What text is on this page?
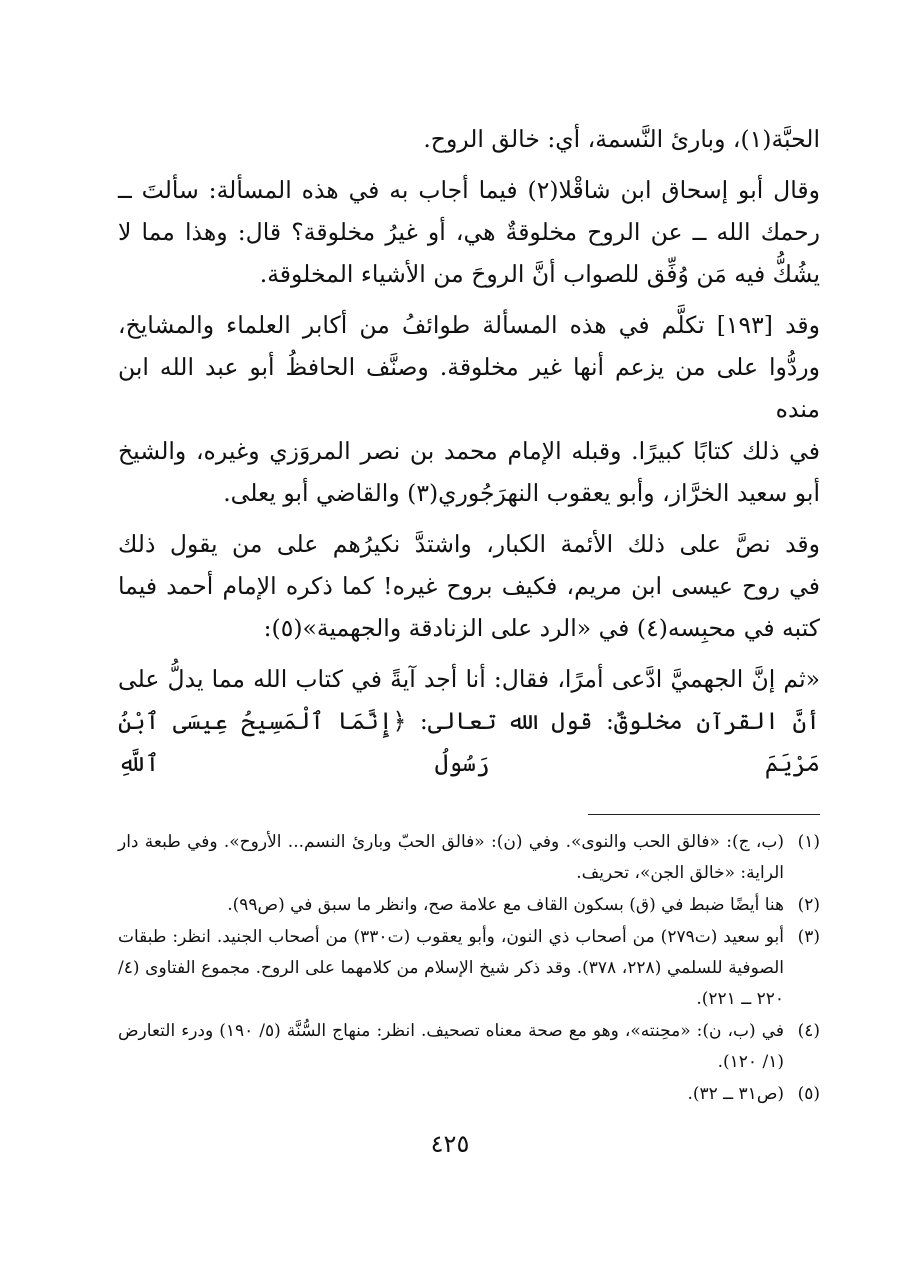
الحبَّة(١)، وبارئ النَّسمة، أي: خالق الروح.

وقال أبو إسحاق ابن شاقْلا(٢) فيما أجاب به في هذه المسألة: سألتَ ــ
رحمك الله ــ عن الروح مخلوقةٌ هي، أو غيرُ مخلوقة؟ قال: وهذا مما لا
يشُكُّ فيه مَن وُفِّق للصواب أنَّ الروحَ من الأشياء المخلوقة.

وقد [١٩٣] تكلَّم في هذه المسألة طوائفُ من أكابر العلماء والمشايخ،
وردُّوا على من يزعم أنها غير مخلوقة. وصنَّف الحافظُ أبو عبد الله ابن منده
في ذلك كتابًا كبيرًا. وقبله الإمام محمد بن نصر المروَزي وغيره، والشيخ
أبو سعيد الخرَّاز، وأبو يعقوب النهرَجُوري(٣) والقاضي أبو يعلى.

وقد نصَّ على ذلك الأئمة الكبار، واشتدَّ نكيرُهم على من يقول ذلك
في روح عيسى ابن مريم، فكيف بروح غيره! كما ذكره الإمام أحمد فيما
كتبه في محبِسه(٤) في «الرد على الزنادقة والجهمية»(٥):

«ثم إنَّ الجهميَّ ادَّعى أمرًا، فقال: أنا أجد آيةً في كتاب الله مما يدلُّ على
أنَّ القرآن مخلوقٌ: قول الله تعالى: ﴿إِنَّمَا ٱلْمَسِيحُ عِيسَى ٱبْنُ مَرْيَمَ رَسُولُ ٱللَّهِ

(١)
(ب، ج): «فالق الحب والنوى». وفي (ن): «فالق الحبّ وبارئ النسم... الأروح». وفي طبعة دار الراية: «خالق الجن»، تحريف.
(٢)
هنا أيضًا ضبط في (ق) بسكون القاف مع علامة صح، وانظر ما سبق في (ص٩٩).
(٣)
أبو سعيد (ت٢٧٩) من أصحاب ذي النون، وأبو يعقوب (ت٣٣٠) من أصحاب الجنيد. انظر: طبقات الصوفية للسلمي (٢٢٨، ٣٧٨). وقد ذكر شيخ الإسلام من كلامهما على الروح. مجموع الفتاوى (٤/ ٢٢٠ ــ ٢٢١).
(٤)
في (ب، ن): «محِنته»، وهو مع صحة معناه تصحيف. انظر: منهاج السُّنَّة (٥/ ١٩٠) ودرء التعارض (١/ ١٢٠).
(٥)
(ص٣١ ــ ٣٢).
٤٢٥
